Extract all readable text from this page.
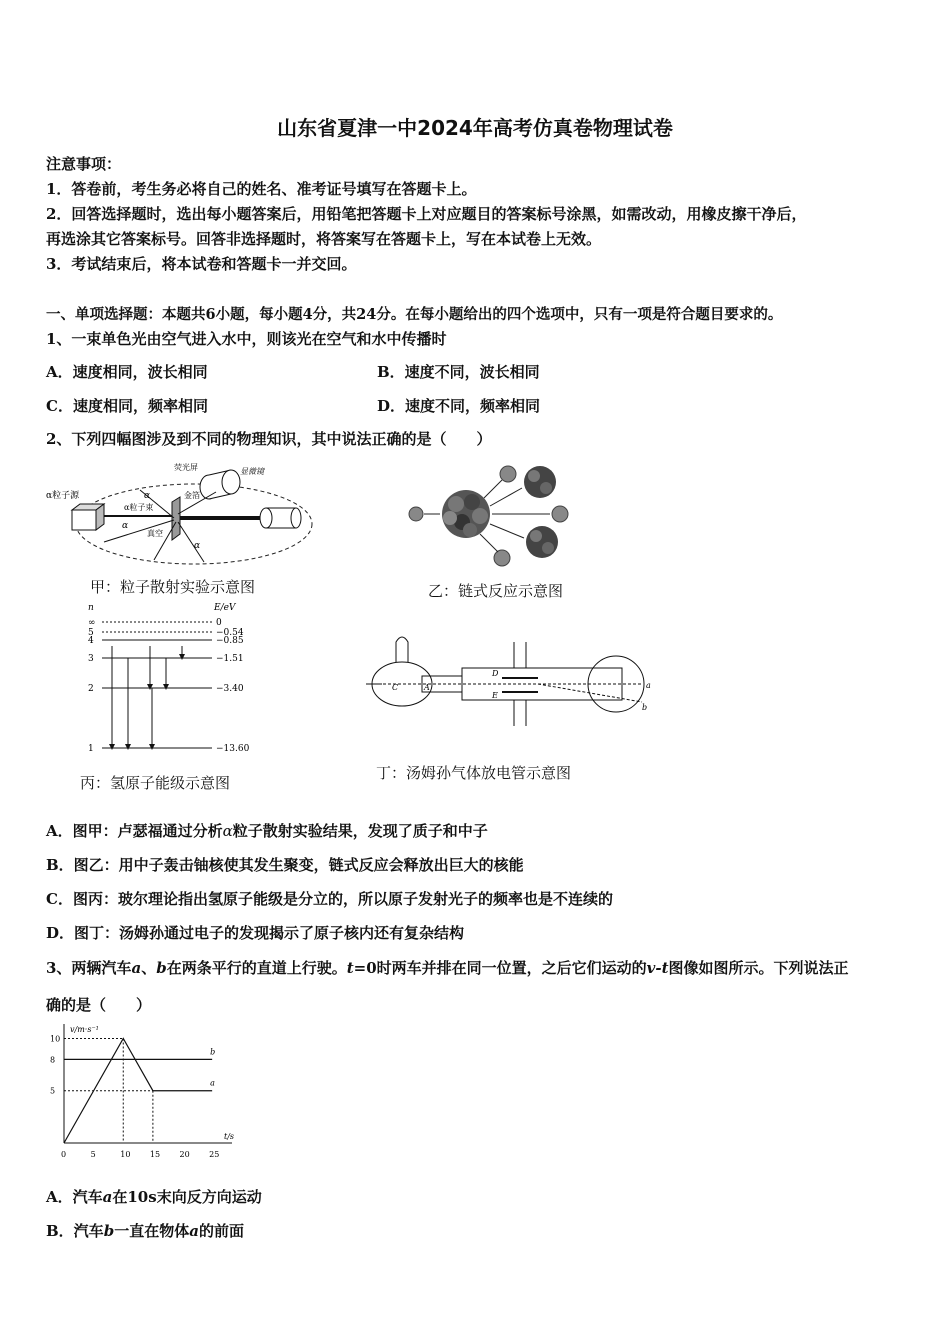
山东省夏津一中2024年高考仿真卷物理试卷
注意事项：
1．答卷前，考生务必将自己的姓名、准考证号填写在答题卡上。
2．回答选择题时，选出每小题答案后，用铅笔把答题卡上对应题目的答案标号涂黑，如需改动，用橡皮擦干净后，
再选涂其它答案标号。回答非选择题时，将答案写在答题卡上，写在本试卷上无效。
3．考试结束后，将本试卷和答题卡一并交回。
一、单项选择题：本题共6小题，每小题4分，共24分。在每小题给出的四个选项中，只有一项是符合题目要求的。
1、一束单色光由空气进入水中，则该光在空气和水中传播时
A．速度相同，波长相同	B．速度不同，波长相同
C．速度相同，频率相同	D．速度不同，频率相同
2、下列四幅图涉及到不同的物理知识，其中说法正确的是（　　）
α粒子源
荧光屏
金箔
α粒子束
真空
α
α
α
显微镜
甲：粒子散射实验示意图	乙：链式反应示意图
n	E/eV
∞	0
5	−0.54
4	−0.85
3	−1.51
2	−3.40
1	−13.60
丙：氢原子能级示意图
C	A
D
E
a
b
丁：汤姆孙气体放电管示意图
A．图甲：卢瑟福通过分析α粒子散射实验结果，发现了质子和中子
B．图乙：用中子轰击铀核使其发生聚变，链式反应会释放出巨大的核能
C．图丙：玻尔理论指出氢原子能级是分立的，所以原子发射光子的频率也是不连续的
D．图丁：汤姆孙通过电子的发现揭示了原子核内还有复杂结构
3、两辆汽车a、b在两条平行的直道上行驶。t=0时两车并排在同一位置，之后它们运动的v-t图像如图所示。下列说法正
确的是（　　）
v/m·s⁻¹
t/s
0	5	10 15 20 25
5
8
10
a
b
A．汽车a在10s末向反方向运动
B．汽车b一直在物体a的前面
